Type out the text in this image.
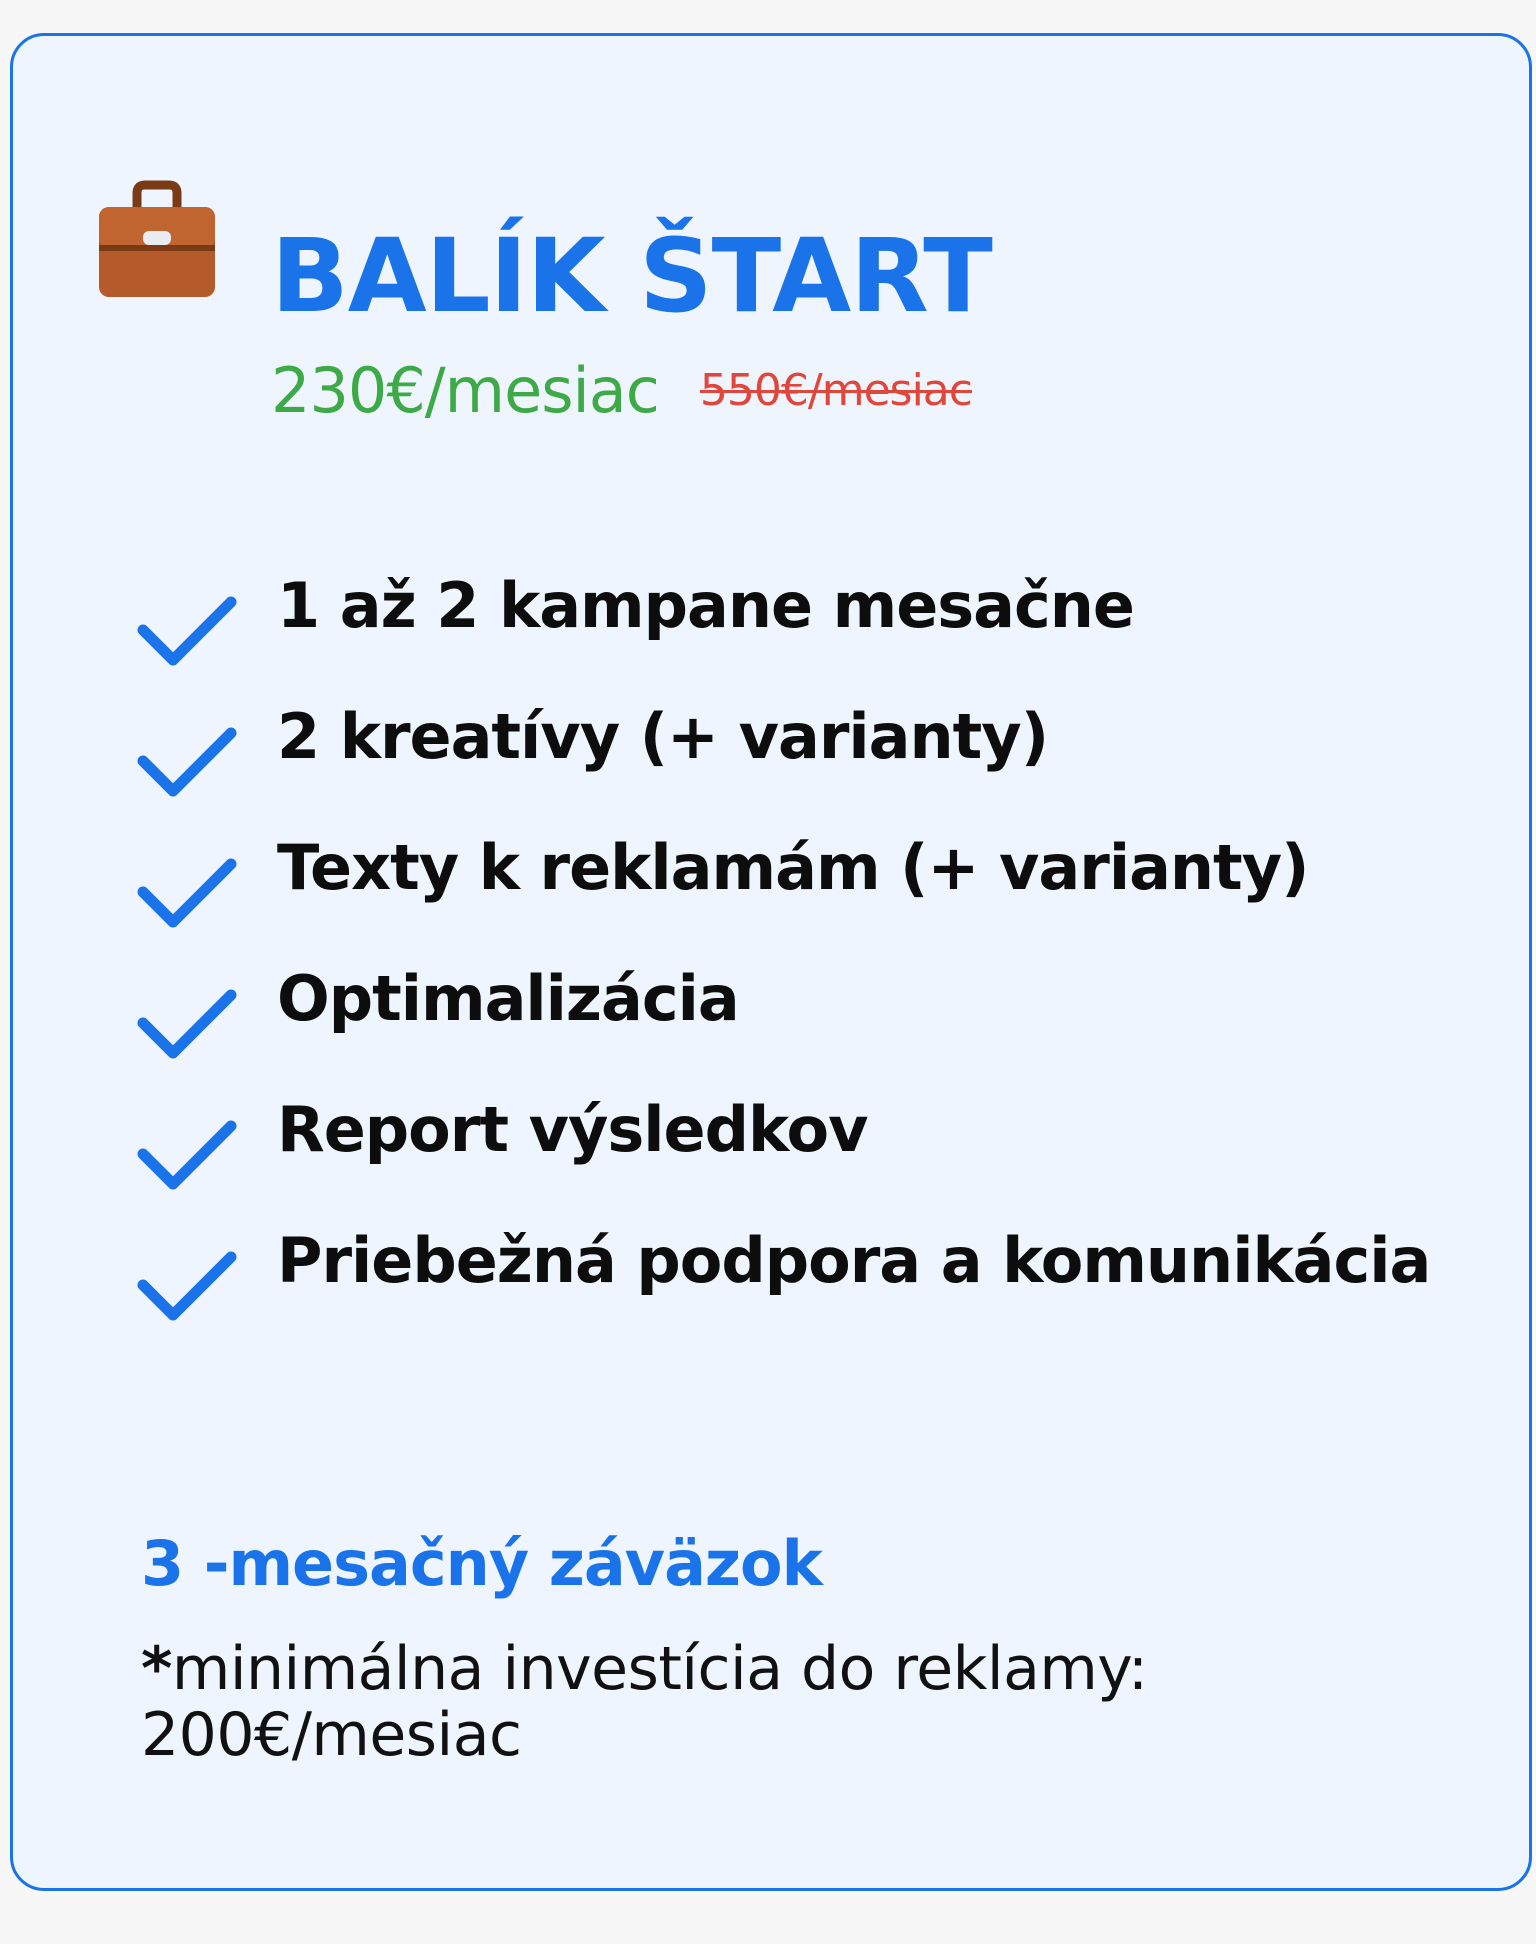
BALÍK ŠTART
230€/mesiac 550€/mesiac
1 až 2 kampane mesačne
2 kreatívy (+ varianty)
Texty k reklamám (+ varianty)
Optimalizácia
Report výsledkov
Priebežná podpora a komunikácia
3 -mesačný záväzok
*minimálna investícia do reklamy:
200€/mesiac
